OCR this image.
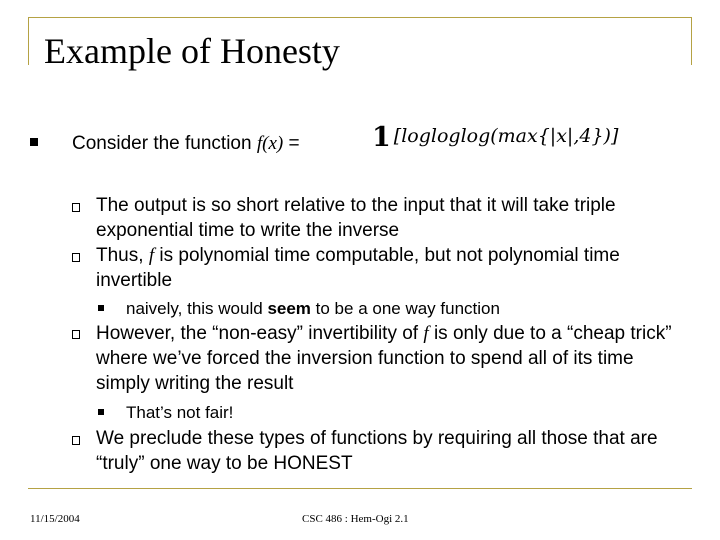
Example of Honesty
Consider the function f(x) =	1 [logloglog(max{|x|,4})]
The output is so short relative to the input that it will take triple exponential time to write the inverse
Thus, f is polynomial time computable, but not polynomial time invertible
naively, this would seem to be a one way function
However, the “non-easy” invertibility of f is only due to a “cheap trick” where we’ve forced the inversion function to spend all of its time simply writing the result
That’s not fair!
We preclude these types of functions by requiring all those that are “truly” one way to be HONEST
11/15/2004	CSC 486 : Hem-Ogi 2.1
